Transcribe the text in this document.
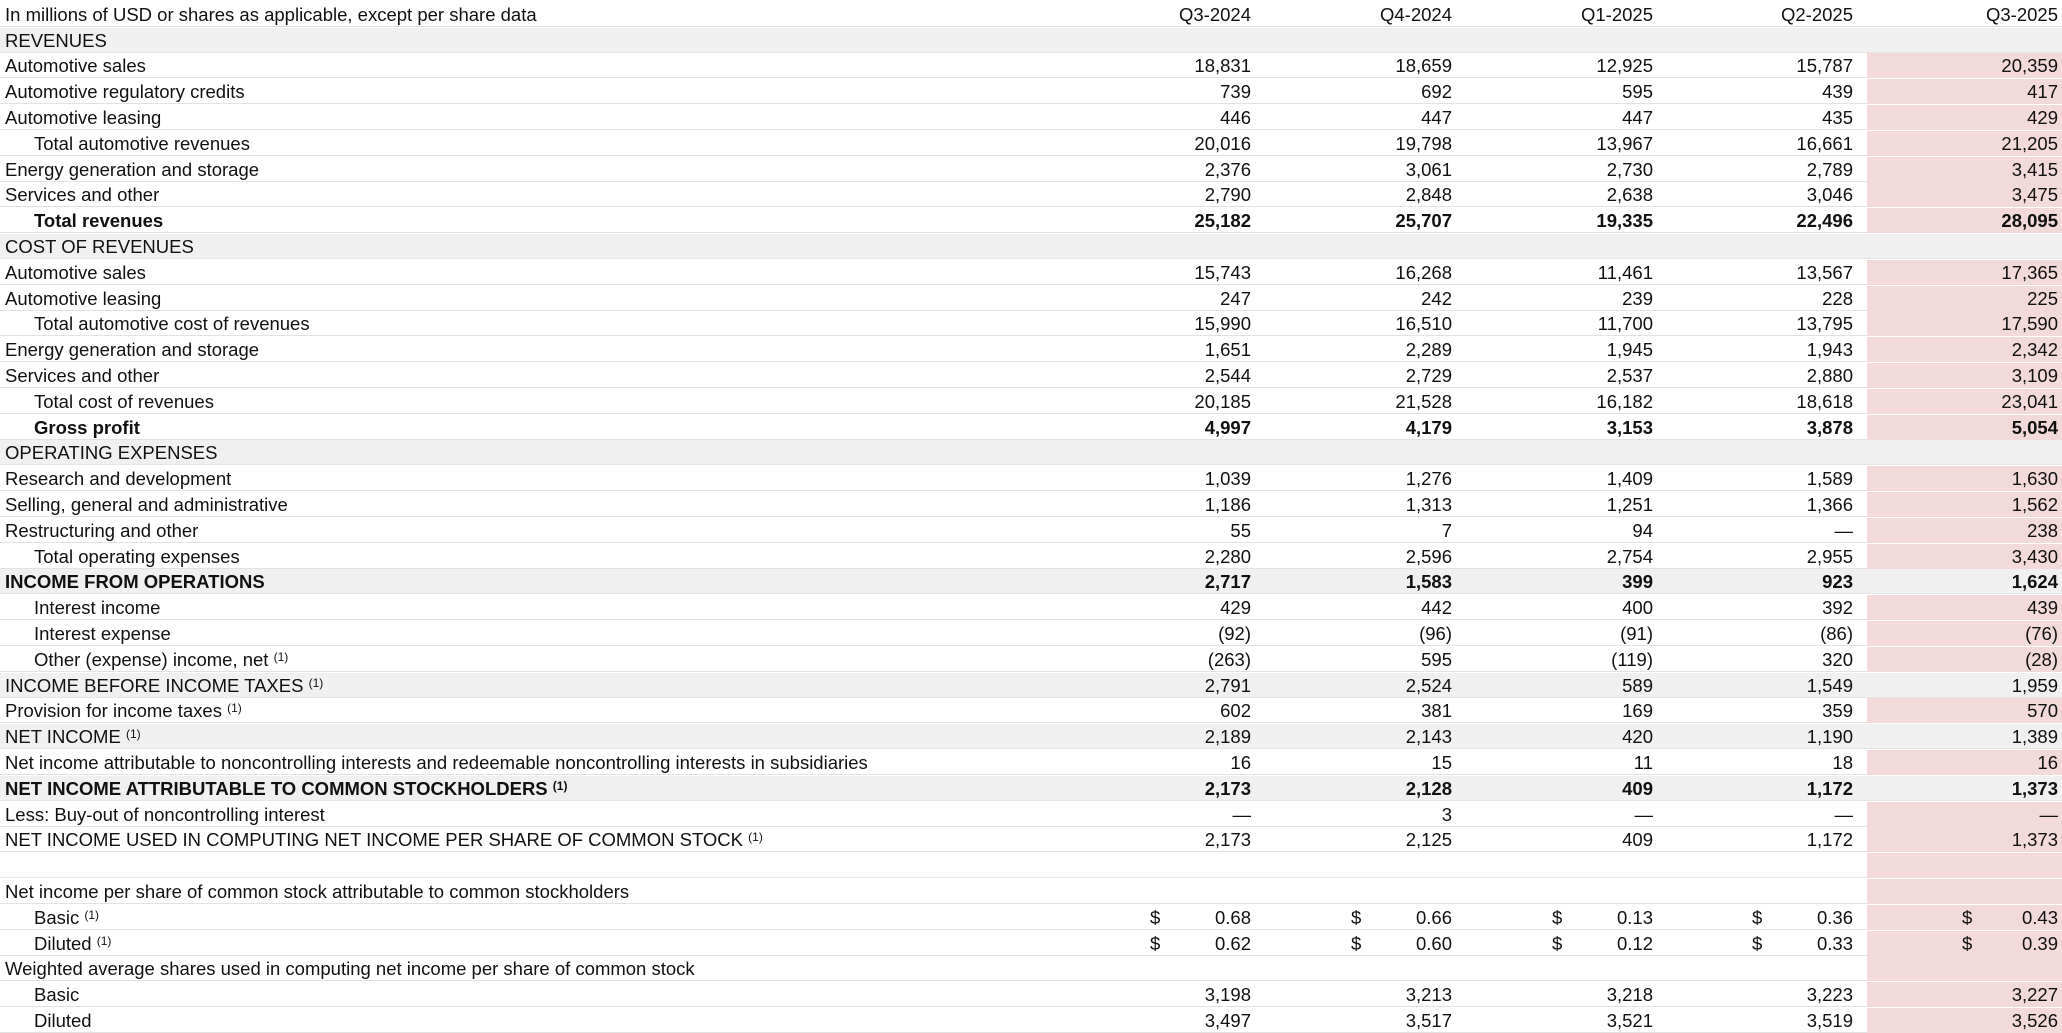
In millions of USD or shares as applicable, except per share data	Q3-2024	Q4-2024	Q1-2025	Q2-2025	Q3-2025
REVENUES
Automotive sales	18,831	18,659	12,925	15,787	20,359
Automotive regulatory credits	739	692	595	439	417
Automotive leasing	446	447	447	435	429
Total automotive revenues	20,016	19,798	13,967	16,661	21,205
Energy generation and storage	2,376	3,061	2,730	2,789	3,415
Services and other	2,790	2,848	2,638	3,046	3,475
Total revenues	25,182	25,707	19,335	22,496	28,095
COST OF REVENUES
Automotive sales	15,743	16,268	11,461	13,567	17,365
Automotive leasing	247	242	239	228	225
Total automotive cost of revenues	15,990	16,510	11,700	13,795	17,590
Energy generation and storage	1,651	2,289	1,945	1,943	2,342
Services and other	2,544	2,729	2,537	2,880	3,109
Total cost of revenues	20,185	21,528	16,182	18,618	23,041
Gross profit	4,997	4,179	3,153	3,878	5,054
OPERATING EXPENSES
Research and development	1,039	1,276	1,409	1,589	1,630
Selling, general and administrative	1,186	1,313	1,251	1,366	1,562
Restructuring and other	55	7	94	—	238
Total operating expenses	2,280	2,596	2,754	2,955	3,430
INCOME FROM OPERATIONS	2,717	1,583	399	923	1,624
Interest income	429	442	400	392	439
Interest expense	(92)	(96)	(91)	(86)	(76)
Other (expense) income, net $^{(1)}$	(263)	595	(119)	320	(28)
INCOME BEFORE INCOME TAXES $^{(1)}$	2,791	2,524	589	1,549	1,959
Provision for income taxes $^{(1)}$	602	381	169	359	570
NET INCOME $^{(1)}$	2,189	2,143	420	1,190	1,389
Net income attributable to noncontrolling interests and redeemable noncontrolling interests in subsidiaries	16	15	11	18	16
NET INCOME ATTRIBUTABLE TO COMMON STOCKHOLDERS $^{(1)}$	2,173	2,128	409	1,172	1,373
Less: Buy-out of noncontrolling interest	—	3	—	—	—
NET INCOME USED IN COMPUTING NET INCOME PER SHARE OF COMMON STOCK $^{(1)}$	2,173	2,125	409	1,172	1,373
Net income per share of common stock attributable to common stockholders
Basic $^{(1)}$	$	0.68	$	0.66	$	0.13	$	0.36	$	0.43
Diluted $^{(1)}$	$	0.62	$	0.60	$	0.12	$	0.33	$	0.39
Weighted average shares used in computing net income per share of common stock
Basic	3,198	3,213	3,218	3,223	3,227
Diluted	3,497	3,517	3,521	3,519	3,526
